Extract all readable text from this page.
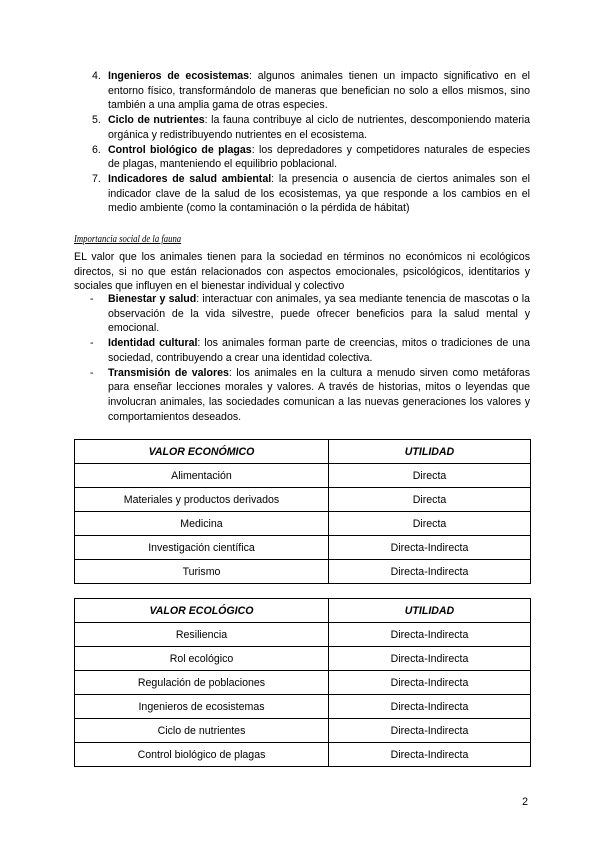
4. Ingenieros de ecosistemas: algunos animales tienen un impacto significativo en el entorno físico, transformándolo de maneras que benefician no solo a ellos mismos, sino también a una amplia gama de otras especies.
5. Ciclo de nutrientes: la fauna contribuye al ciclo de nutrientes, descomponiendo materia orgánica y redistribuyendo nutrientes en el ecosistema.
6. Control biológico de plagas: los depredadores y competidores naturales de especies de plagas, manteniendo el equilibrio poblacional.
7. Indicadores de salud ambiental: la presencia o ausencia de ciertos animales son el indicador clave de la salud de los ecosistemas, ya que responde a los cambios en el medio ambiente (como la contaminación o la pérdida de hábitat)
Importancia social de la fauna

EL valor que los animales tienen para la sociedad en términos no económicos ni ecológicos directos, si no que están relacionados con aspectos emocionales, psicológicos, identitarios y sociales que influyen en el bienestar individual y colectivo

- Bienestar y salud: interactuar con animales, ya sea mediante tenencia de mascotas o la observación de la vida silvestre, puede ofrecer beneficios para la salud mental y emocional.
- Identidad cultural: los animales forman parte de creencias, mitos o tradiciones de una sociedad, contribuyendo a crear una identidad colectiva.
- Transmisión de valores: los animales en la cultura a menudo sirven como metáforas para enseñar lecciones morales y valores. A través de historias, mitos o leyendas que involucran animales, las sociedades comunican a las nuevas generaciones los valores y comportamientos deseados.
VALOR ECONÓMICO	UTILIDAD
Alimentación	Directa
Materiales y productos derivados	Directa
Medicina	Directa
Investigación científica	Directa-Indirecta
Turismo	Directa-Indirecta
VALOR ECOLÓGICO	UTILIDAD
Resiliencia	Directa-Indirecta
Rol ecológico	Directa-Indirecta
Regulación de poblaciones	Directa-Indirecta
Ingenieros de ecosistemas	Directa-Indirecta
Ciclo de nutrientes	Directa-Indirecta
Control biológico de plagas	Directa-Indirecta
2
